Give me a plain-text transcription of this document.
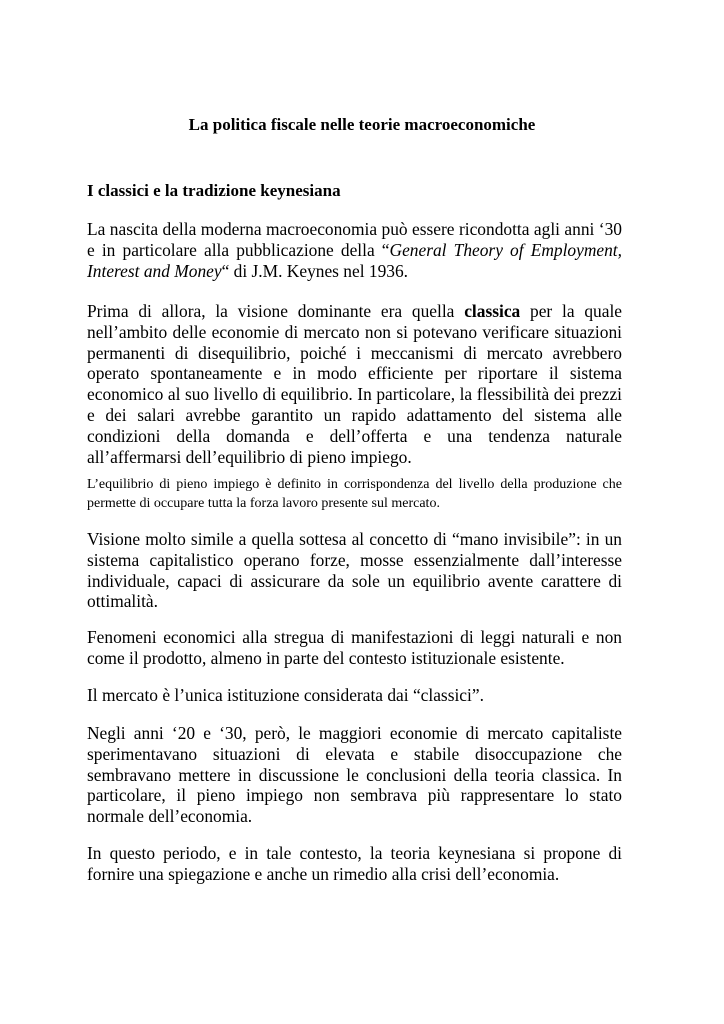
La politica fiscale nelle teorie macroeconomiche
I classici e la tradizione keynesiana

La nascita della moderna macroeconomia può essere ricondotta agli anni ‘30 e in particolare alla pubblicazione della “General Theory of Employment, Interest and Money“ di J.M. Keynes nel 1936.

Prima di allora, la visione dominante era quella classica per la quale nell’ambito delle economie di mercato non si potevano verificare situazioni permanenti di disequilibrio, poiché i meccanismi di mercato avrebbero operato spontaneamente e in modo efficiente per riportare il sistema economico al suo livello di equilibrio. In particolare, la flessibilità dei prezzi e dei salari avrebbe garantito un rapido adattamento del sistema alle condizioni della domanda e dell’offerta e una tendenza naturale all’affermarsi dell’equilibrio di pieno impiego.

L’equilibrio di pieno impiego è definito in corrispondenza del livello della produzione che permette di occupare tutta la forza lavoro presente sul mercato.

Visione molto simile a quella sottesa al concetto di “mano invisibile”: in un sistema capitalistico operano forze, mosse essenzialmente dall’interesse individuale, capaci di assicurare da sole un equilibrio avente carattere di ottimalità.

Fenomeni economici alla stregua di manifestazioni di leggi naturali e non come il prodotto, almeno in parte del contesto istituzionale esistente.

Il mercato è l’unica istituzione considerata dai “classici”.

Negli anni ‘20 e ‘30, però, le maggiori economie di mercato capitaliste sperimentavano situazioni di elevata e stabile disoccupazione che sembravano mettere in discussione le conclusioni della teoria classica. In particolare, il pieno impiego non sembrava più rappresentare lo stato normale dell’economia.

In questo periodo, e in tale contesto, la teoria keynesiana si propone di fornire una spiegazione e anche un rimedio alla crisi dell’economia.
